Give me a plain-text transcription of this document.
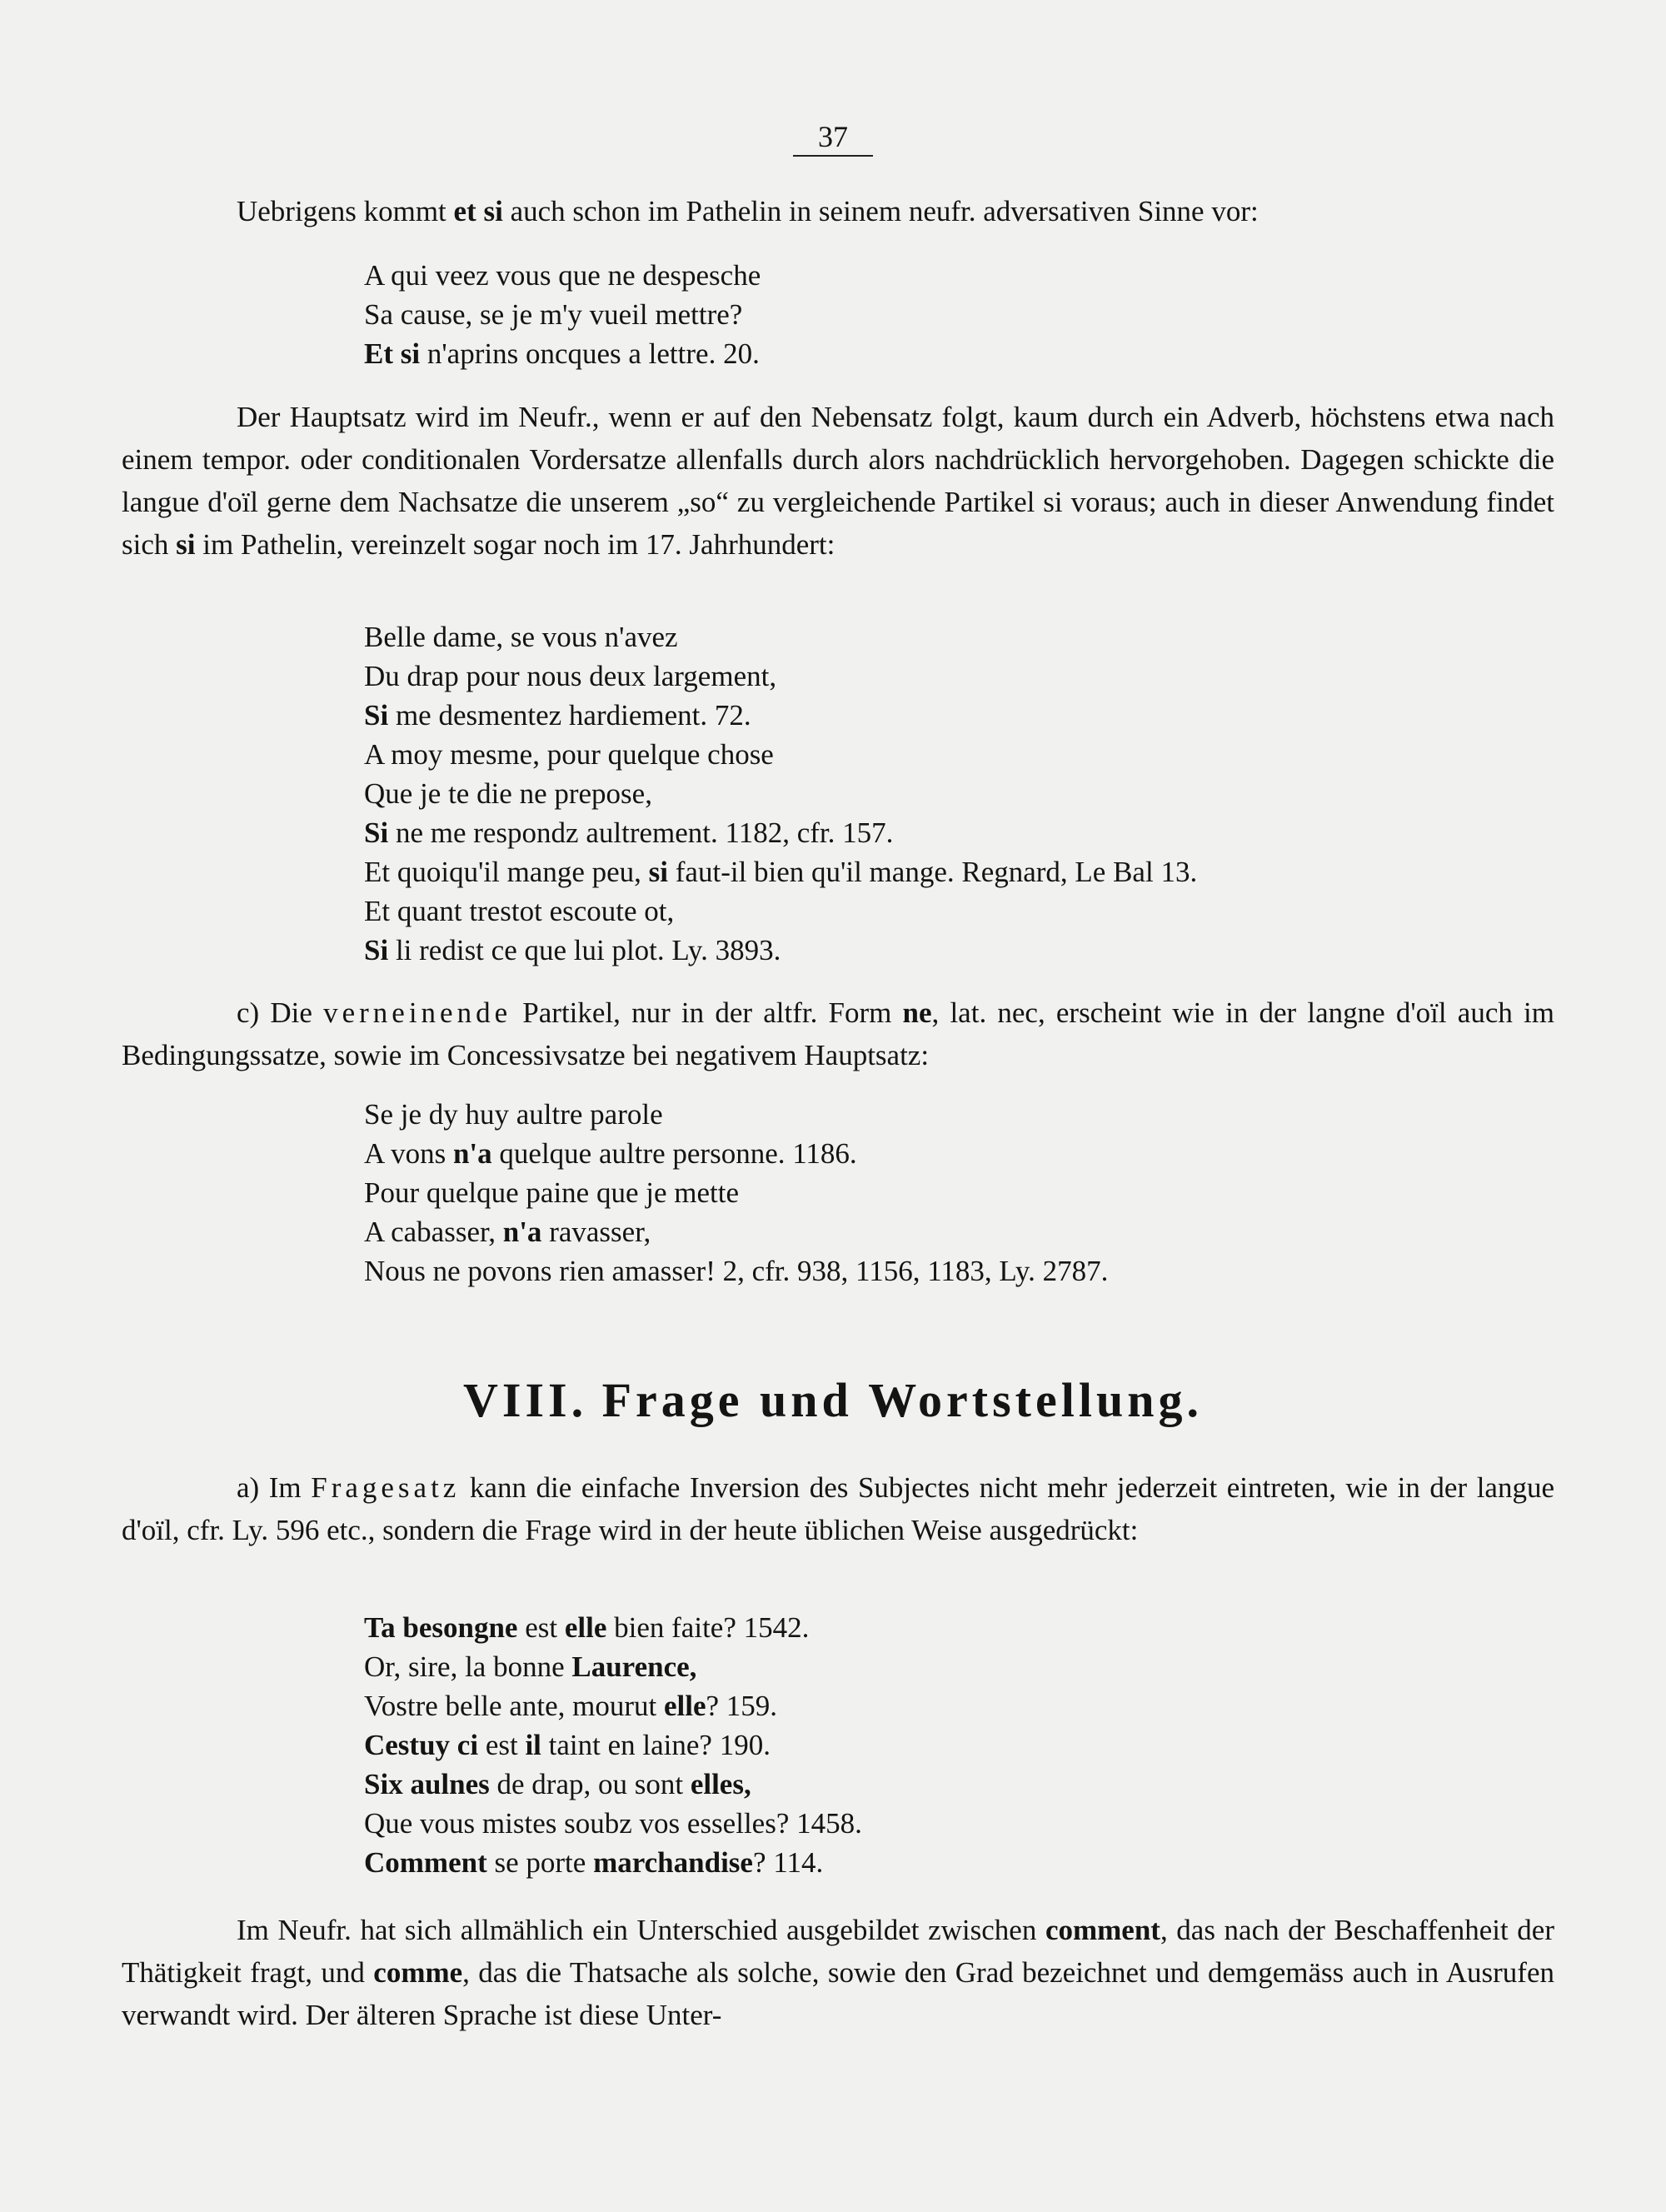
37

Uebrigens kommt et si auch schon im Pathelin in seinem neufr. adversativen Sinne vor:

A qui veez vous que ne despesche
Sa cause, se je m'y vueil mettre?
Et si n'aprins oncques a lettre. 20.

Der Hauptsatz wird im Neufr., wenn er auf den Nebensatz folgt, kaum durch ein Adverb, höchstens etwa nach einem tempor. oder conditionalen Vordersatze allenfalls durch alors nachdrücklich hervorgehoben. Dagegen schickte die langue d'oïl gerne dem Nachsatze die unserem „so“ zu vergleichende Partikel si voraus; auch in dieser Anwendung findet sich si im Pathelin, vereinzelt sogar noch im 17. Jahrhundert:

Belle dame, se vous n'avez
Du drap pour nous deux largement,
Si me desmentez hardiement. 72.
A moy mesme, pour quelque chose
Que je te die ne prepose,
Si ne me respondz aultrement. 1182, cfr. 157.
Et quoiqu'il mange peu, si faut-il bien qu'il mange. Regnard, Le Bal 13.
Et quant trestot escoute ot,
Si li redist ce que lui plot. Ly. 3893.

c) Die verneinende Partikel, nur in der altfr. Form ne, lat. nec, erscheint wie in der langne d'oïl auch im Bedingungssatze, sowie im Concessivsatze bei negativem Hauptsatz:

Se je dy huy aultre parole
A vons n'a quelque aultre personne. 1186.
Pour quelque paine que je mette
A cabasser, n'a ravasser,
Nous ne povons rien amasser! 2, cfr. 938, 1156, 1183, Ly. 2787.
VIII. Frage und Wortstellung.

a) Im Fragesatz kann die einfache Inversion des Subjectes nicht mehr jederzeit eintreten, wie in der langue d'oïl, cfr. Ly. 596 etc., sondern die Frage wird in der heute üblichen Weise ausgedrückt:

Ta besongne est elle bien faite? 1542.
Or, sire, la bonne Laurence,
Vostre belle ante, mourut elle? 159.
Cestuy ci est il taint en laine? 190.
Six aulnes de drap, ou sont elles,
Que vous mistes soubz vos esselles? 1458.
Comment se porte marchandise? 114.

Im Neufr. hat sich allmählich ein Unterschied ausgebildet zwischen comment, das nach der Beschaffenheit der Thätigkeit fragt, und comme, das die Thatsache als solche, sowie den Grad bezeichnet und demgemäss auch in Ausrufen verwandt wird. Der älteren Sprache ist diese Unter-
